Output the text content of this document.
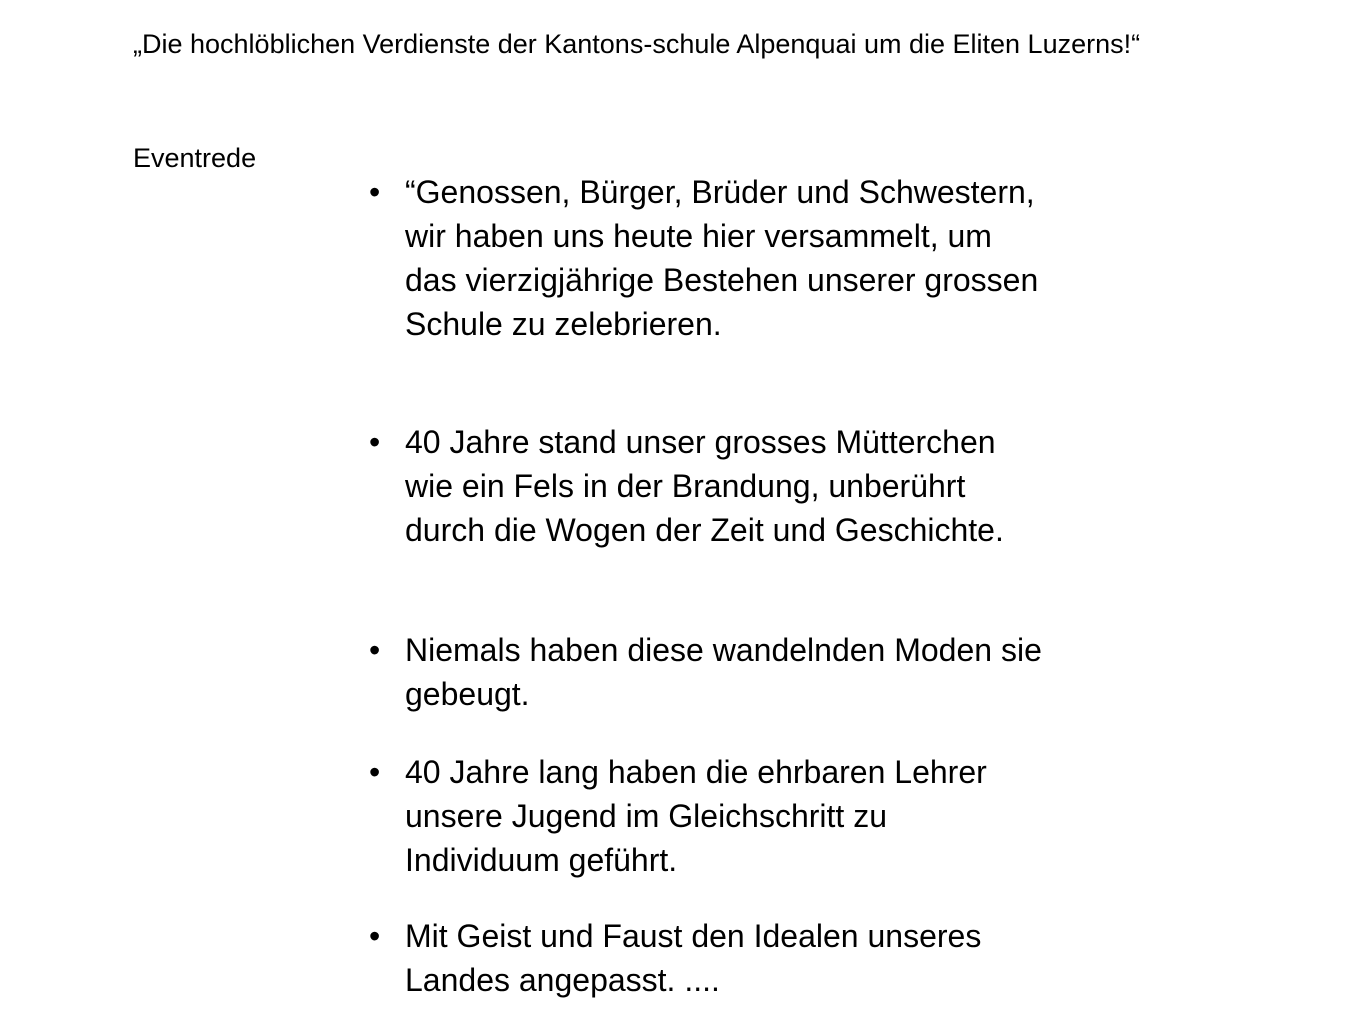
„Die hochlöblichen Verdienste der Kantons-schule Alpenquai um die Eliten Luzerns!“
Eventrede
• “Genossen, Bürger, Brüder und Schwestern, wir haben uns heute hier versammelt, um das vierzigjährige Bestehen unserer grossen Schule zu zelebrieren.
• 40 Jahre stand unser grosses Mütterchen wie ein Fels in der Brandung, unberührt durch die Wogen der Zeit und Geschichte.
• Niemals haben diese wandelnden Moden sie gebeugt.
• 40 Jahre lang haben die ehrbaren Lehrer unsere Jugend im Gleichschritt zu Individuum geführt.
• Mit Geist und Faust den Idealen unseres Landes angepasst. ....
